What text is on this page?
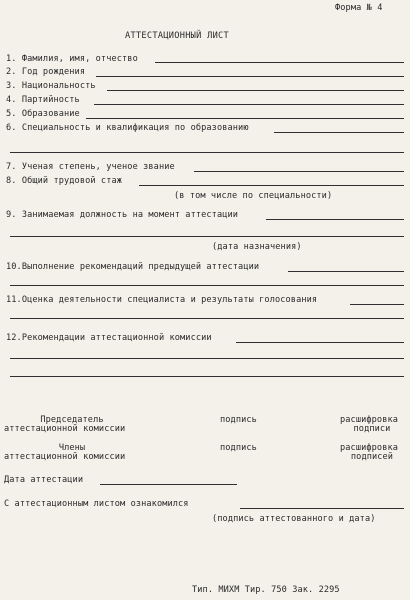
Форма № 4
АТТЕСТАЦИОННЫЙ ЛИСТ
1. Фамилия, имя, отчество
2. Год рождения
3. Национальность
4. Партийность
5. Образование
6. Специальность и квалификация по образованию
7. Ученая степень, ученое звание
8. Общий трудовой стаж
(в том числе по специальности)
9. Занимаемая должность на момент аттестации
(дата назначения)
10.Выполнение рекомендаций предыдущей аттестации
11.Оценка деятельности специалиста и результаты голосования
12.Рекомендации аттестационной комиссии
Председатель
аттестационной комиссии
подпись	расшифровка
подписи
Члены
аттестационной комиссии
подпись	расшифровка
подписей
Дата аттестации
С аттестационным листом ознакомился
(подпись аттестованного и дата)
Тип. МИХМ Тир. 750 Зак. 2295
